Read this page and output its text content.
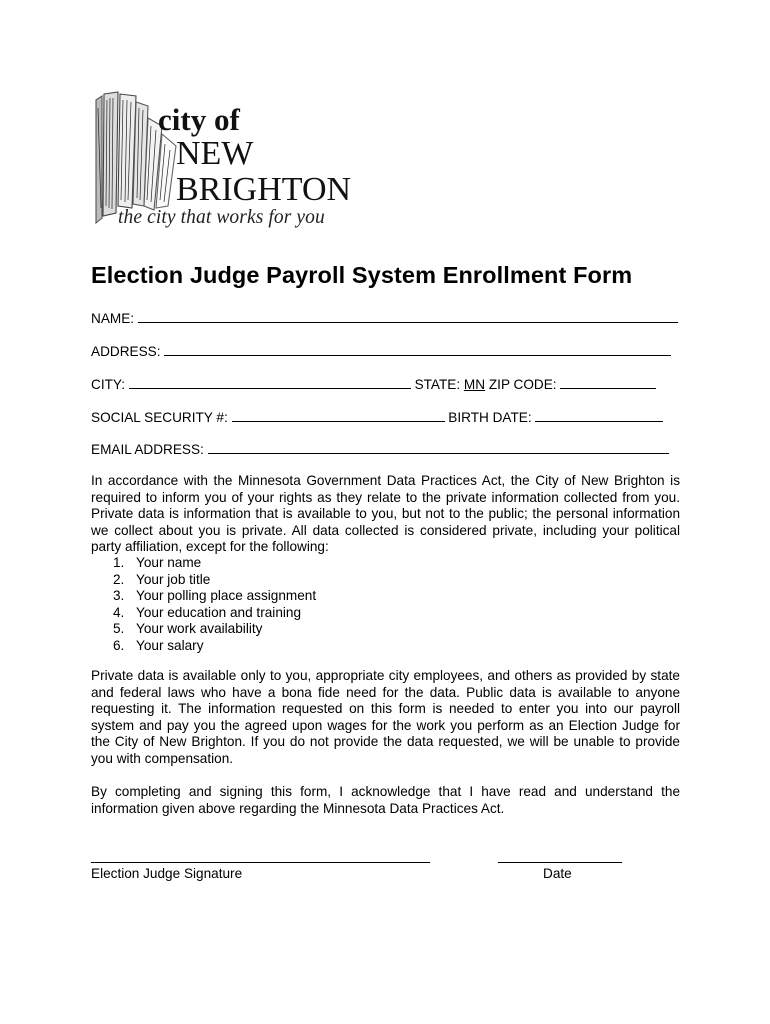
city of
NEW
BRIGHTON
the city that works for you
Election Judge Payroll System Enrollment Form
NAME:
ADDRESS:
CITY:	STATE: MN ZIP CODE:
SOCIAL SECURITY #:	BIRTH DATE:
EMAIL ADDRESS:

In accordance with the Minnesota Government Data Practices Act, the City of New Brighton is required to inform you of your rights as they relate to the private information collected from you. Private data is information that is available to you, but not to the public; the personal information we collect about you is private. All data collected is considered private, including your political party affiliation, except for the following:

1. Your name
2. Your job title
3. Your polling place assignment
4. Your education and training
5. Your work availability
6. Your salary

Private data is available only to you, appropriate city employees, and others as provided by state and federal laws who have a bona fide need for the data. Public data is available to anyone requesting it. The information requested on this form is needed to enter you into our payroll system and pay you the agreed upon wages for the work you perform as an Election Judge for the City of New Brighton. If you do not provide the data requested, we will be unable to provide you with compensation.

By completing and signing this form, I acknowledge that I have read and understand the information given above regarding the Minnesota Data Practices Act.

Election Judge Signature	Date
